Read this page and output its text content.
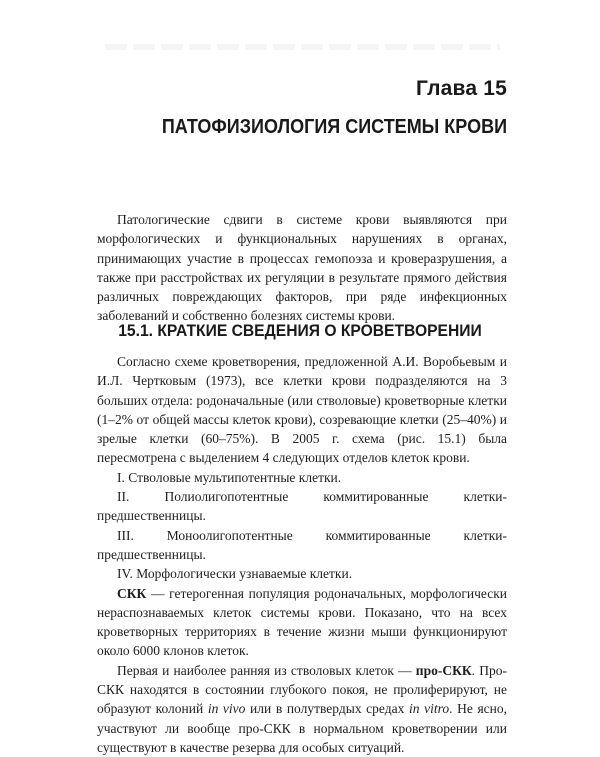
Глава 15
ПАТОФИЗИОЛОГИЯ СИСТЕМЫ КРОВИ

Патологические сдвиги в системе крови выявляются при морфологических и функциональных нарушениях в органах, принимающих участие в процессах гемопоэза и кроверазрушения, а также при расстройствах их регуляции в результате прямого действия различных повреждающих факторов, при ряде инфекционных заболеваний и собственно болезнях системы крови.

15.1. КРАТКИЕ СВЕДЕНИЯ О КРОВЕТВОРЕНИИ

Согласно схеме кроветворения, предложенной А.И. Воробьевым и И.Л. Чертковым (1973), все клетки крови подразделяются на 3 больших отдела: родоначальные (или стволовые) кроветворные клетки (1–2% от общей массы клеток крови), созревающие клетки (25–40%) и зрелые клетки (60–75%). В 2005 г. схема (рис. 15.1) была пересмотрена с выделением 4 следующих отделов клеток крови.

I. Стволовые мультипотентные клетки.

II. Полиолигопотентные коммитированные клетки-предшественницы.

III. Моноолигопотентные коммитированные клетки-предшественницы.

IV. Морфологически узнаваемые клетки.

СКК — гетерогенная популяция родоначальных, морфологически нераспознаваемых клеток системы крови. Показано, что на всех кроветворных территориях в течение жизни мыши функционируют около 6000 клонов клеток.

Первая и наиболее ранняя из стволовых клеток — про-СКК. Про-СКК находятся в состоянии глубокого покоя, не пролиферируют, не образуют колоний in vivo или в полутвердых средах in vitro. Не ясно, участвуют ли вообще про-СКК в нормальном кроветворении или существуют в качестве резерва для особых ситуаций.
